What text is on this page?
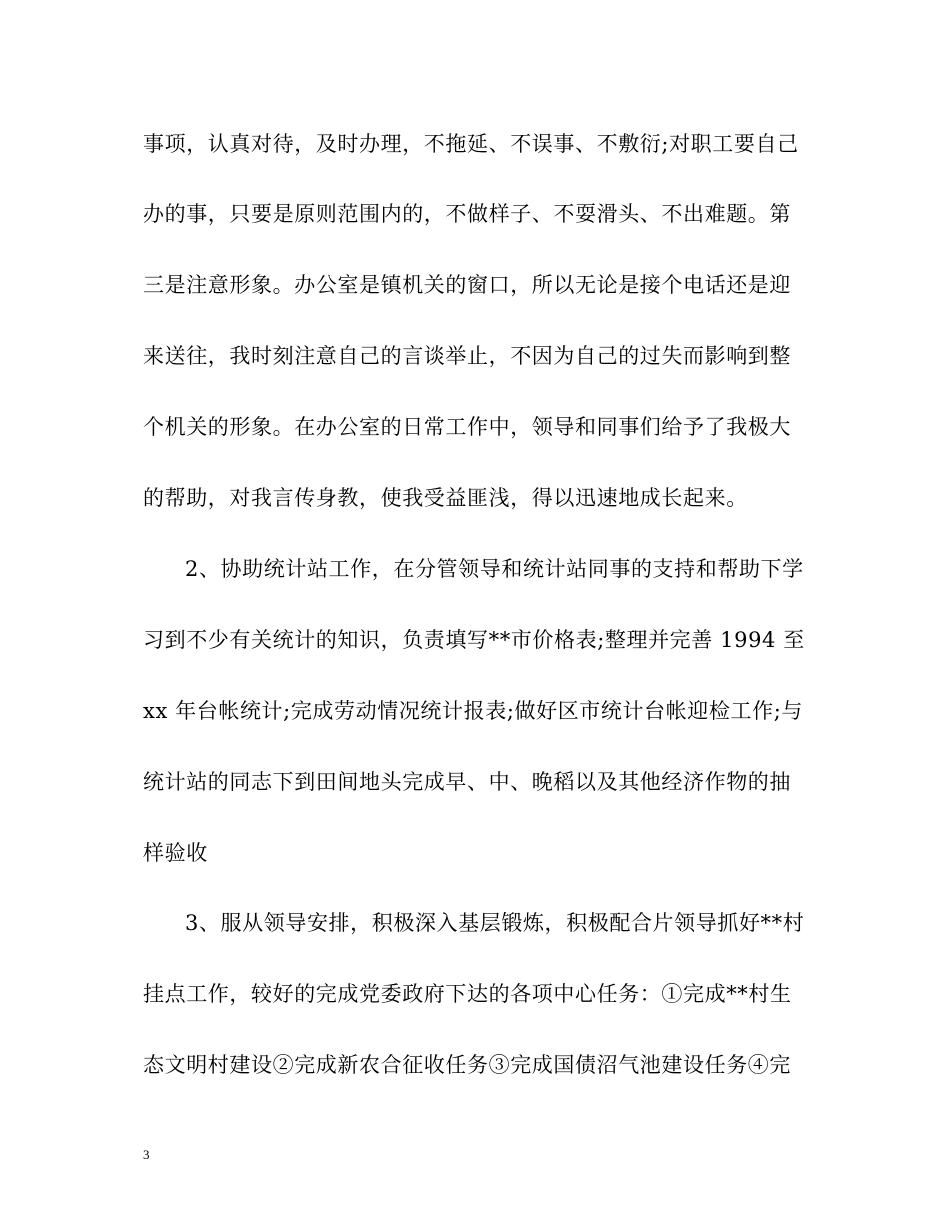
事项，认真对待，及时办理，不拖延、不误事、不敷衍;对职工要自己
办的事，只要是原则范围内的，不做样子、不耍滑头、不出难题。第
三是注意形象。办公室是镇机关的窗口，所以无论是接个电话还是迎
来送往，我时刻注意自己的言谈举止，不因为自己的过失而影响到整
个机关的形象。在办公室的日常工作中，领导和同事们给予了我极大
的帮助，对我言传身教，使我受益匪浅，得以迅速地成长起来。
2、协助统计站工作，在分管领导和统计站同事的支持和帮助下学
习到不少有关统计的知识，负责填写**市价格表;整理并完善 1994 至
xx 年台帐统计;完成劳动情况统计报表;做好区市统计台帐迎检工作;与
统计站的同志下到田间地头完成早、中、晚稻以及其他经济作物的抽
样验收
3、服从领导安排，积极深入基层锻炼，积极配合片领导抓好**村
挂点工作，较好的完成党委政府下达的各项中心任务：①完成**村生
态文明村建设②完成新农合征收任务③完成国债沼气池建设任务④完
3
